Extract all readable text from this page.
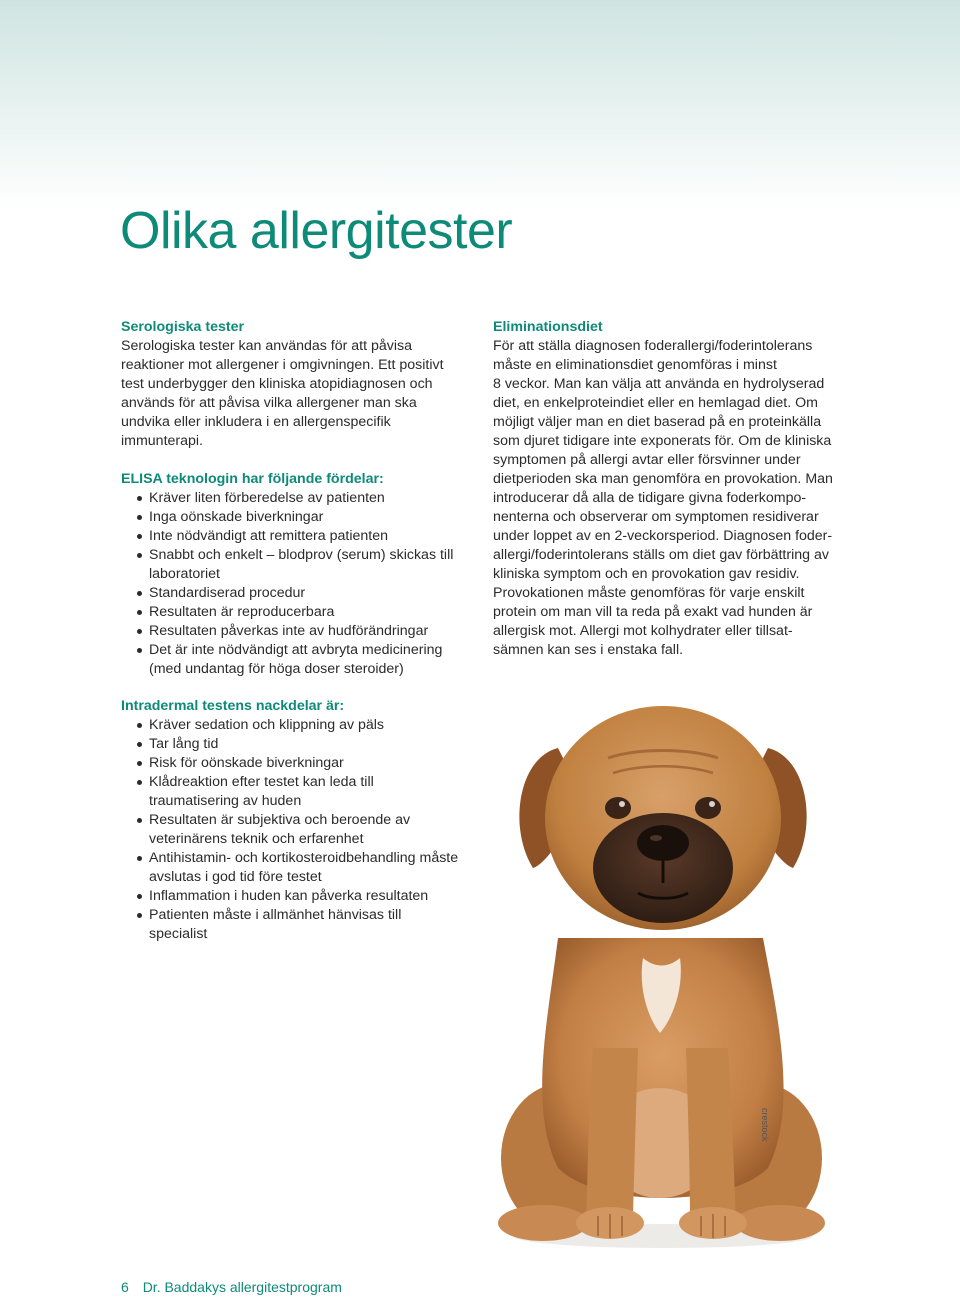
Olika allergitester
Serologiska tester
Serologiska tester kan användas för att påvisa
reaktioner mot allergener i omgivningen. Ett positivt
test underbygger den kliniska atopidiagnosen och
används för att påvisa vilka allergener man ska
undvika eller inkludera i en allergenspecifik
immunterapi.
ELISA teknologin har följande fördelar:
Kräver liten förberedelse av patienten
Inga oönskade biverkningar
Inte nödvändigt att remittera patienten
Snabbt och enkelt – blodprov (serum) skickas till laboratoriet
Standardiserad procedur
Resultaten är reproducerbara
Resultaten påverkas inte av hudförändringar
Det är inte nödvändigt att avbryta medicinering (med undantag för höga doser steroider)
Intradermal testens nackdelar är:
Kräver sedation och klippning av päls
Tar lång tid
Risk för oönskade biverkningar
Klådreaktion efter testet kan leda till traumatisering av huden
Resultaten är subjektiva och beroende av veterinärens teknik och erfarenhet
Antihistamin- och kortikosteroidbehandling måste avslutas i god tid före testet
Inflammation i huden kan påverka resultaten
Patienten måste i allmänhet hänvisas till specialist
Eliminationsdiet
För att ställa diagnosen foderallergi/foderintolerans
måste en eliminationsdiet genomföras i minst
8 veckor. Man kan välja att använda en hydrolyserad
diet, en enkelproteindiet eller en hemlagad diet. Om
möjligt väljer man en diet baserad på en proteinkälla
som djuret tidigare inte exponerats för. Om de kliniska
symptomen på allergi avtar eller försvinner under
dietperioden ska man genomföra en provokation. Man
introducerar då alla de tidigare givna foderkompo-
nenterna och observerar om symptomen residiverar
under loppet av en 2-veckorsperiod. Diagnosen foder-
allergi/foderintolerans ställs om diet gav förbättring av
kliniska symptom och en provokation gav residiv.
Provokationen måste genomföras för varje enskilt
protein om man vill ta reda på exakt vad hunden är
allergisk mot. Allergi mot kolhydrater eller tillsat-
sämnen kan ses i enstaka fall.
crestock
6 Dr. Baddakys allergitestprogram
